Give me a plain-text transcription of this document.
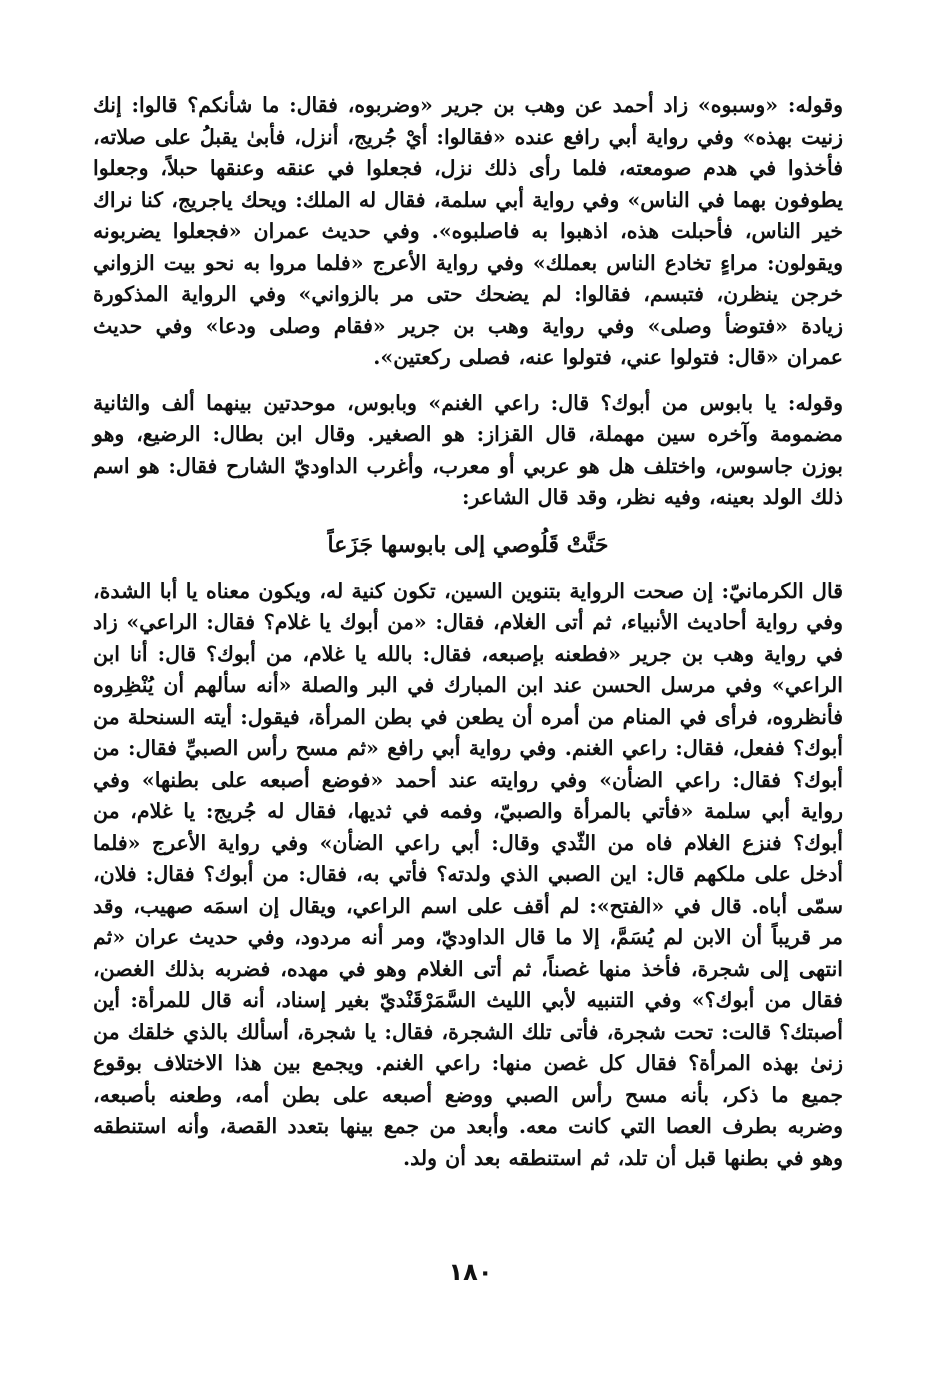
وقوله: «وسبوه» زاد أحمد عن وهب بن جرير «وضربوه، فقال: ما شأنكم؟ قالوا: إنك زنيت بهذه» وفي رواية أبي رافع عنده «فقالوا: أيْ جُريج، أنزل، فأبىٰ يقبلُ على صلاته، فأخذوا في هدم صومعته، فلما رأى ذلك نزل، فجعلوا في عنقه وعنقها حبلاً، وجعلوا يطوفون بهما في الناس» وفي رواية أبي سلمة، فقال له الملك: ويحك ياجريج، كنا نراك خير الناس، فأحبلت هذه، اذهبوا به فاصلبوه». وفي حديث عمران «فجعلوا يضربونه ويقولون: مراءٍ تخادع الناس بعملك» وفي رواية الأعرج «فلما مروا به نحو بيت الزواني خرجن ينظرن، فتبسم، فقالوا: لم يضحك حتى مر بالزواني» وفي الرواية المذكورة زيادة «فتوضأ وصلى» وفي رواية وهب بن جرير «فقام وصلى ودعا» وفي حديث عمران «قال: فتولوا عني، فتولوا عنه، فصلى ركعتين».

وقوله: يا بابوس من أبوك؟ قال: راعي الغنم» وبابوس، موحدتين بينهما ألف والثانية مضمومة وآخره سين مهملة، قال القزاز: هو الصغير. وقال ابن بطال: الرضيع، وهو بوزن جاسوس، واختلف هل هو عربي أو معرب، وأغرب الداوديّ الشارح فقال: هو اسم ذلك الولد بعينه، وفيه نظر، وقد قال الشاعر:

حَنَّتْ قَلُوصي إلى بابوسها جَزَعاً

قال الكرمانيّ: إن صحت الرواية بتنوين السين، تكون كنية له، ويكون معناه يا أبا الشدة، وفي رواية أحاديث الأنبياء، ثم أتى الغلام، فقال: «من أبوك يا غلام؟ فقال: الراعي» زاد في رواية وهب بن جرير «فطعنه بإصبعه، فقال: بالله يا غلام، من أبوك؟ قال: أنا ابن الراعي» وفي مرسل الحسن عند ابن المبارك في البر والصلة «أنه سألهم أن يُنْظِروه فأنظروه، فرأى في المنام من أمره أن يطعن في بطن المرأة، فيقول: أيته السنحلة من أبوك؟ ففعل، فقال: راعي الغنم. وفي رواية أبي رافع «ثم مسح رأس الصبيِّ فقال: من أبوك؟ فقال: راعي الضأن» وفي روايته عند أحمد «فوضع أصبعه على بطنها» وفي رواية أبي سلمة «فأتي بالمرأة والصبيّ، وفمه في ثديها، فقال له جُريج: يا غلام، من أبوك؟ فنزع الغلام فاه من الثّدي وقال: أبي راعي الضأن» وفي رواية الأعرج «فلما أدخل على ملكهم قال: اين الصبي الذي ولدته؟ فأتي به، فقال: من أبوك؟ فقال: فلان، سمّى أباه. قال في «الفتح»: لم أقف على اسم الراعي، ويقال إن اسمَه صهيب، وقد مر قريباً أن الابن لم يُسَمَّ، إلا ما قال الداوديّ، ومر أنه مردود، وفي حديث عران «ثم انتهى إلى شجرة، فأخذ منها غصناً، ثم أتى الغلام وهو في مهده، فضربه بذلك الغصن، فقال من أبوك؟» وفي التنبيه لأبي الليث السَّمَرْقَنْديّ بغير إسناد، أنه قال للمرأة: أين أصبتك؟ قالت: تحت شجرة، فأتى تلك الشجرة، فقال: يا شجرة، أسألك بالذي خلقك من زنىٰ بهذه المرأة؟ فقال كل غصن منها: راعي الغنم. ويجمع بين هذا الاختلاف بوقوع جميع ما ذكر، بأنه مسح رأس الصبي ووضع أصبعه على بطن أمه، وطعنه بأصبعه، وضربه بطرف العصا التي كانت معه. وأبعد من جمع بينها بتعدد القصة، وأنه استنطقه وهو في بطنها قبل أن تلد، ثم استنطقه بعد أن ولد.

١٨٠
